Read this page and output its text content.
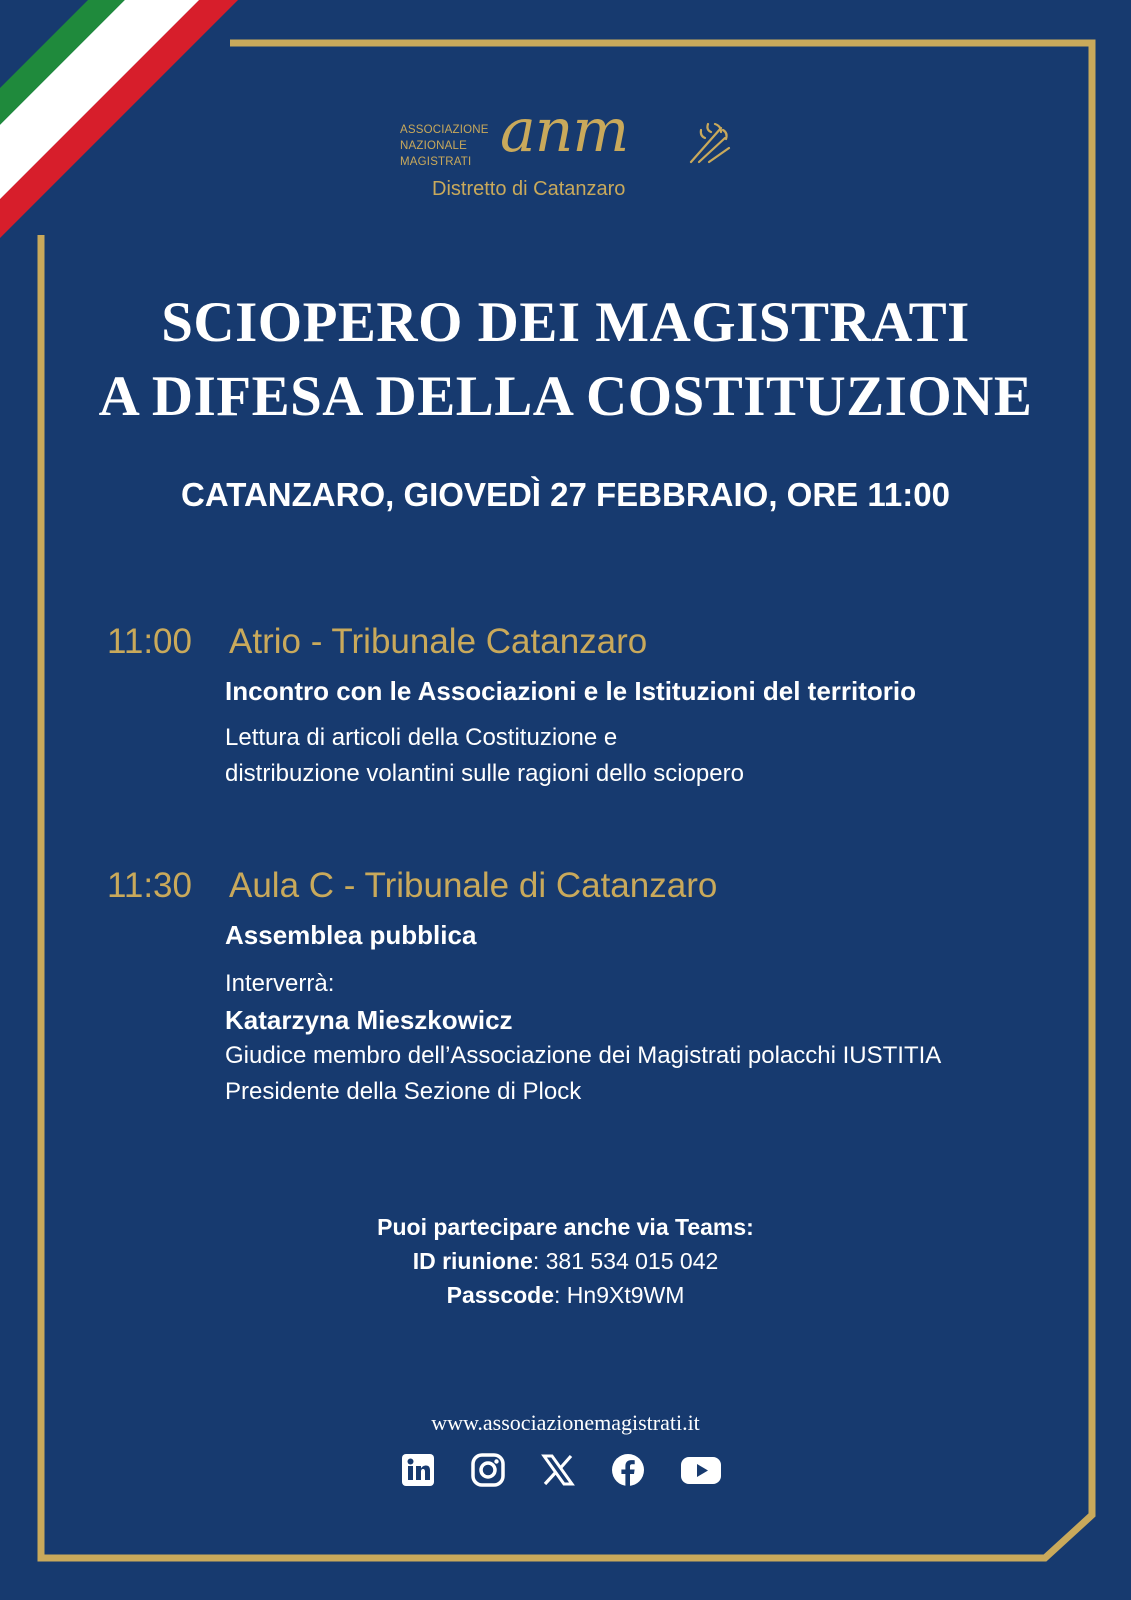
ASSOCIAZIONE
NAZIONALE
MAGISTRATI anm
Distretto di Catanzaro
SCIOPERO DEI MAGISTRATI
A DIFESA DELLA COSTITUZIONE
CATANZARO, GIOVEDÌ 27 FEBBRAIO, ORE 11:00
11:00 Atrio - Tribunale Catanzaro
Incontro con le Associazioni e le Istituzioni del territorio
Lettura di articoli della Costituzione e
distribuzione volantini sulle ragioni dello sciopero
11:30 Aula C - Tribunale di Catanzaro
Assemblea pubblica
Interverrà:
Katarzyna Mieszkowicz
Giudice membro dell’Associazione dei Magistrati polacchi IUSTITIA
Presidente della Sezione di Plock
Puoi partecipare anche via Teams:
ID riunione: 381 534 015 042
Passcode: Hn9Xt9WM
www.associazionemagistrati.it
